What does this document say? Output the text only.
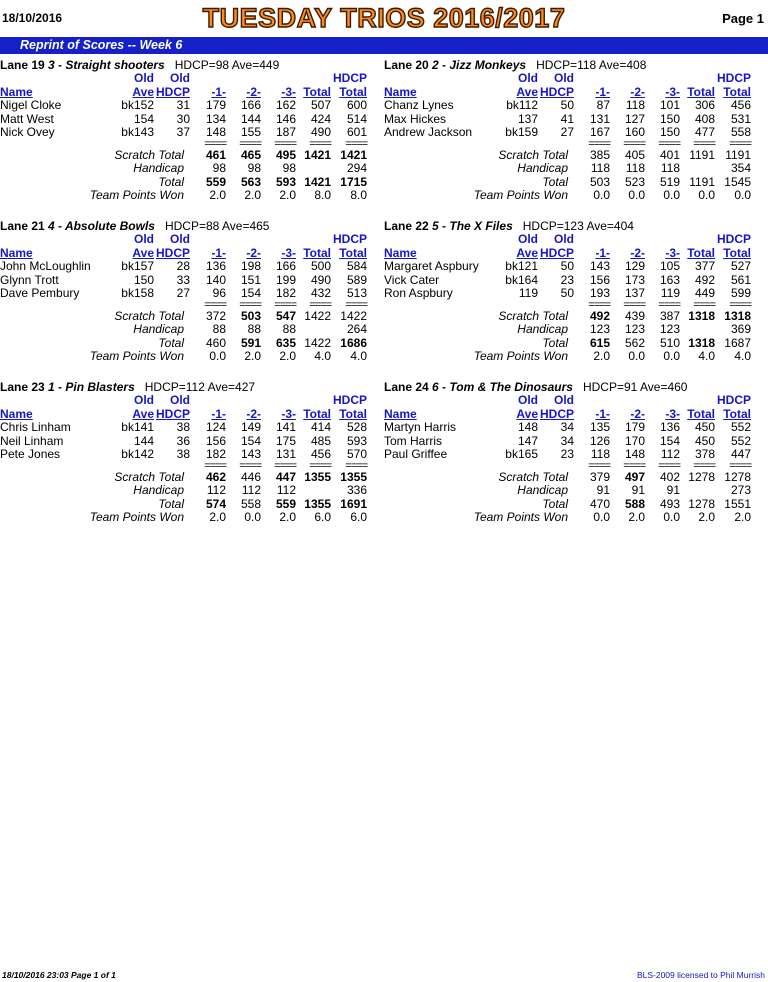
18/10/2016	TUESDAY TRIOS 2016/2017	Page 1
Reprint of Scores -- Week 6
Lane 19 3 - Straight shooters HDCP=98 Ave=449
	Old	Old					HDCP
Name	Ave	HDCP	-1-	-2-	-3-	Total	Total
Nigel Cloke	bk152	31	179	166	162	507	600
Matt West	154	30	134	144	146	424	514
Nick Ovey	bk143	37	148	155	187	490	601
			====	====	====	====	====
Scratch Total			461	465	495	1421	1421
Handicap			98	98	98		294
Total			559	563	593	1421	1715
Team Points Won			2.0	2.0	2.0	8.0	8.0
Lane 20 2 - Jizz Monkeys HDCP=118 Ave=408
	Old	Old					HDCP
Name	Ave	HDCP	-1-	-2-	-3-	Total	Total
Chanz Lynes	bk112	50	87	118	101	306	456
Max Hickes	137	41	131	127	150	408	531
Andrew Jackson	bk159	27	167	160	150	477	558
			====	====	====	====	====
Scratch Total			385	405	401	1191	1191
Handicap			118	118	118		354
Total			503	523	519	1191	1545
Team Points Won			0.0	0.0	0.0	0.0	0.0
Lane 21 4 - Absolute Bowls HDCP=88 Ave=465
	Old	Old					HDCP
Name	Ave	HDCP	-1-	-2-	-3-	Total	Total
John McLoughlin	bk157	28	136	198	166	500	584
Glynn Trott	150	33	140	151	199	490	589
Dave Pembury	bk158	27	96	154	182	432	513
			====	====	====	====	====
Scratch Total			372	503	547	1422	1422
Handicap			88	88	88		264
Total			460	591	635	1422	1686
Team Points Won			0.0	2.0	2.0	4.0	4.0
Lane 22 5 - The X Files HDCP=123 Ave=404
	Old	Old					HDCP
Name	Ave	HDCP	-1-	-2-	-3-	Total	Total
Margaret Aspbury	bk121	50	143	129	105	377	527
Vick Cater	bk164	23	156	173	163	492	561
Ron Aspbury	119	50	193	137	119	449	599
			====	====	====	====	====
Scratch Total			492	439	387	1318	1318
Handicap			123	123	123		369
Total			615	562	510	1318	1687
Team Points Won			2.0	0.0	0.0	4.0	4.0
Lane 23 1 - Pin Blasters HDCP=112 Ave=427
	Old	Old					HDCP
Name	Ave	HDCP	-1-	-2-	-3-	Total	Total
Chris Linham	bk141	38	124	149	141	414	528
Neil Linham	144	36	156	154	175	485	593
Pete Jones	bk142	38	182	143	131	456	570
			====	====	====	====	====
Scratch Total			462	446	447	1355	1355
Handicap			112	112	112		336
Total			574	558	559	1355	1691
Team Points Won			2.0	0.0	2.0	6.0	6.0
Lane 24 6 - Tom & The Dinosaurs HDCP=91 Ave=460
	Old	Old					HDCP
Name	Ave	HDCP	-1-	-2-	-3-	Total	Total
Martyn Harris	148	34	135	179	136	450	552
Tom Harris	147	34	126	170	154	450	552
Paul Griffee	bk165	23	118	148	112	378	447
			====	====	====	====	====
Scratch Total			379	497	402	1278	1278
Handicap			91	91	91		273
Total			470	588	493	1278	1551
Team Points Won			0.0	2.0	0.0	2.0	2.0
18/10/2016 23:03 Page 1 of 1	BLS-2009 licensed to Phil Murrish
